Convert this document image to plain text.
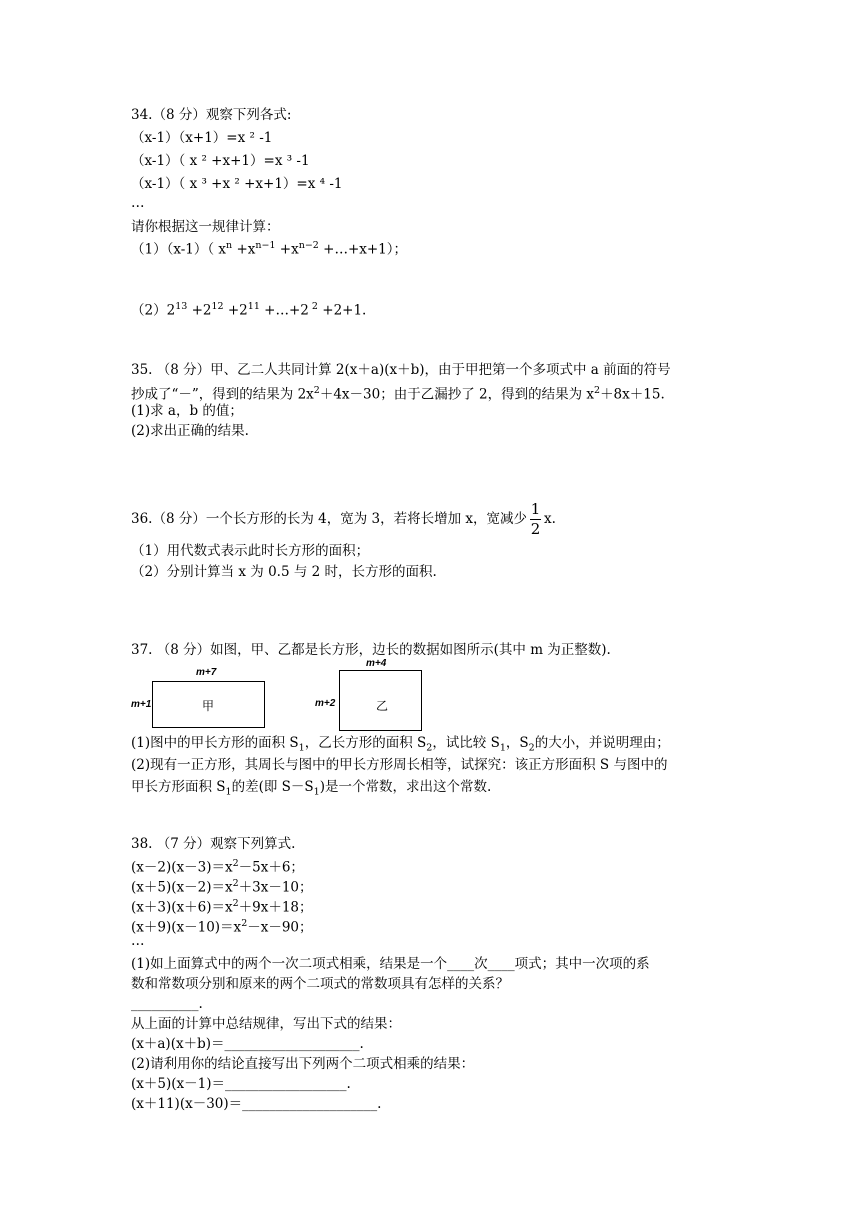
34.（8 分）观察下列各式:
（x-1）（x+1）=x ² -1
（x-1）（ x ² +x+1）=x ³ -1
（x-1）（ x ³ +x ² +x+1）=x ⁴ -1
…
请你根据这一规律计算：
（1）（x-1）（ $x^n +x^{n-1} +x^{n-2}$ +…+x+1）；
$(2)2^{13} +2^{12} +2^{11}$ +…+2 $^2$ +2+1.
35. （8 分）甲、乙二人共同计算 2(x＋a)(x＋b)，由于甲把第一个多项式中 a 前面的符号
抄成了“－”，得到的结果为 $2x^2+4x-30$；由于乙漏抄了 2，得到的结果为 $x^2+8x+15$.
(1)求 a，b 的值；
(2)求出正确的结果.
36.（8 分）一个长方形的长为 4，宽为 3，若将长增加 x，宽减少 $\frac{1}{2} x$.
（1）用代数式表示此时长方形的面积；
（2）分别计算当 x 为 0.5 与 2 时，长方形的面积.
37. （8 分）如图，甲、乙都是长方形，边长的数据如图所示(其中 m 为正整数).
m+7
m+1	甲
m+4
m+2	乙
(1)图中的甲长方形的面积 $S_1$，乙长方形的面积 $S_2$，试比较 $S_1$，$S_2$的大小，并说明理由；
(2)现有一正方形，其周长与图中的甲长方形周长相等，试探究：该正方形面积 S 与图中的
甲长方形面积 $S_1$的差(即 $S-S_1$)是一个常数，求出这个常数.
38. （7 分）观察下列算式.
$(x-2)(x-3)=x^2-5x+6$；
$(x+5)(x-2)=x^2+3x-10$；
$(x+3)(x+6)=x^2+9x+18$；
$(x+9)(x-10)=x^2-x-90$；
…
(1)如上面算式中的两个一次二项式相乘，结果是一个____次____项式；其中一次项的系
数和常数项分别和原来的两个二项式的常数项具有怎样的关系？
__________.
从上面的计算中总结规律，写出下式的结果：
(x＋a)(x＋b)＝____________________.
(2)请利用你的结论直接写出下列两个二项式相乘的结果：
(x＋5)(x－1)＝__________________.
(x＋11)(x－30)＝____________________.
